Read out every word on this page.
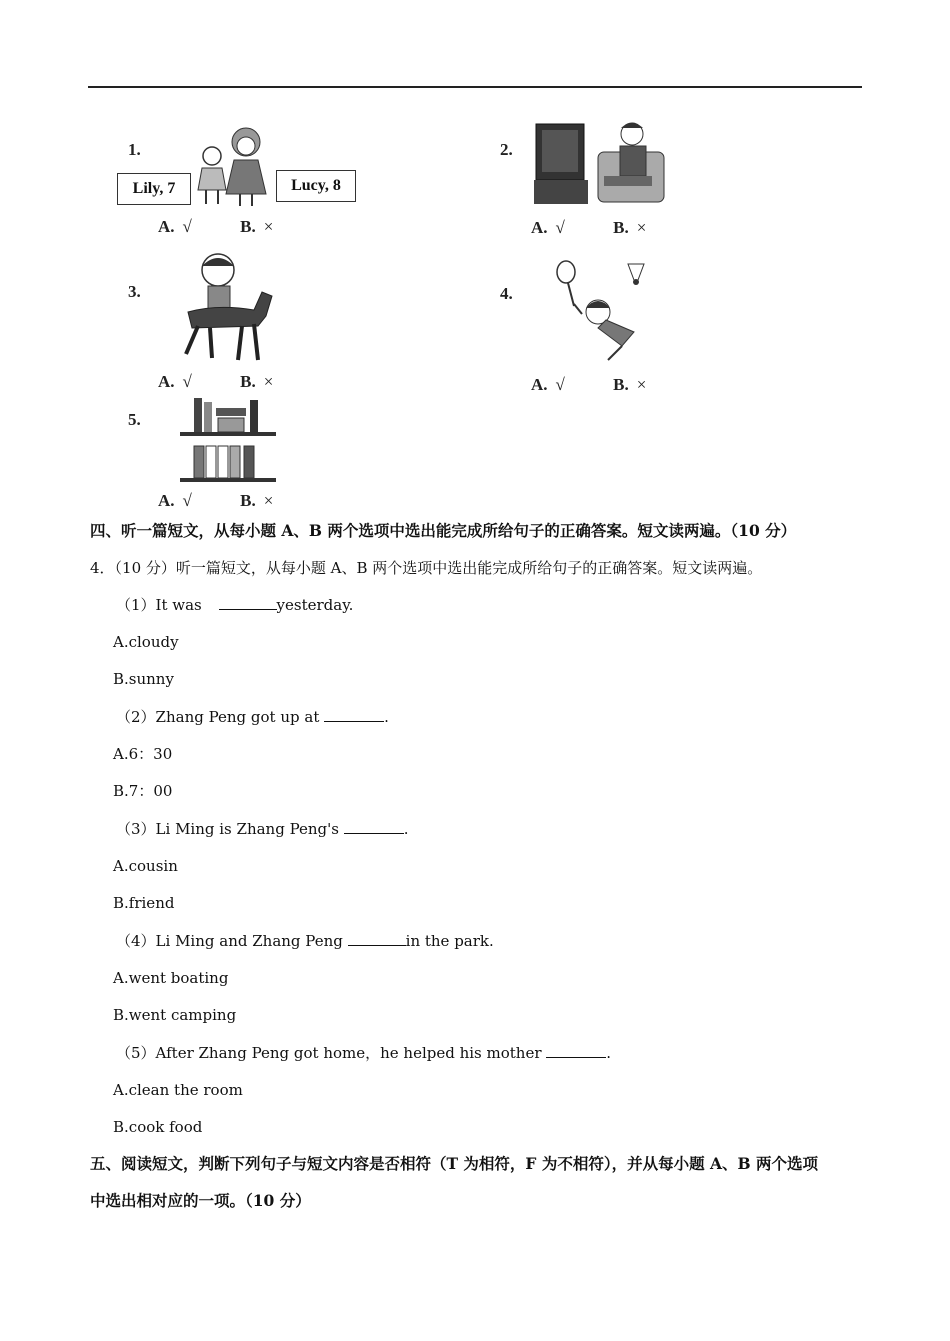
1.
Lily, 7	Lucy, 8
A. √	B. ×
2.
A. √	B. ×
3.
A. √	B. ×
4.
A. √	B. ×
5.
A. √	B. ×
四、听一篇短文，从每小题 A、B 两个选项中选出能完成所给句子的正确答案。短文读两遍。（10 分）
4．（10 分）听一篇短文，从每小题 A、B 两个选项中选出能完成所给句子的正确答案。短文读两遍。
（1）It was	yesterday.
A.cloudy
B.sunny
（2）Zhang Peng got up at	.
A.6：30
B.7：00
（3）Li Ming is Zhang Peng's	.
A.cousin
B.friend
（4）Li Ming and Zhang Peng	in the park.
A.went boating
B.went camping
（5）After Zhang Peng got home，he helped his mother	.
A.clean the room
B.cook food
五、阅读短文，判断下列句子与短文内容是否相符（T 为相符，F 为不相符），并从每小题 A、B 两个选项
中选出相对应的一项。（10 分）
